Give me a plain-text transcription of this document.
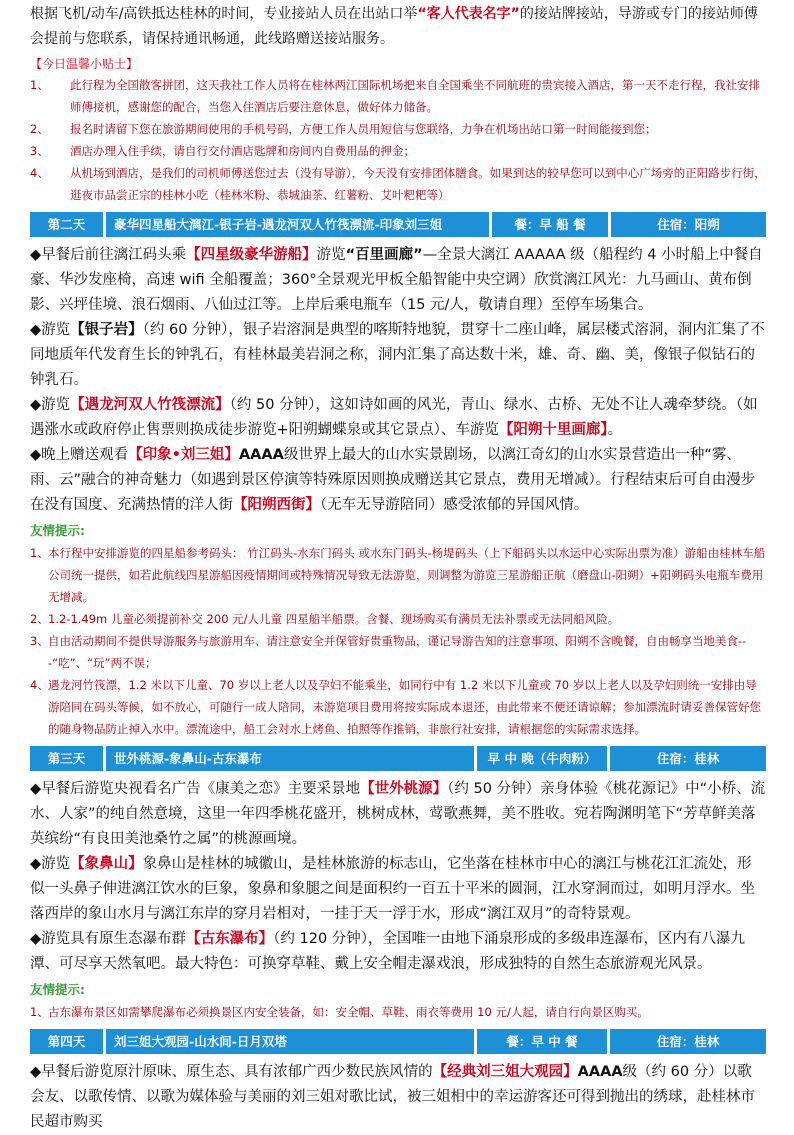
根据飞机/动车/高铁抵达桂林的时间，专业接站人员在出站口举“客人代表名字”的接站牌接站，导游或专门的接站师傅会提前与您联系，请保持通讯畅通，此线路赠送接站服务。
【今日温馨小贴士】
1、	此行程为全国散客拼团，这天我社工作人员将在桂林两江国际机场把来自全国乘坐不同航班的贵宾接入酒店，第一天不走行程，我社安排师傅接机，感谢您的配合，当您入住酒店后要注意休息，做好体力储备。
2、	报名时请留下您在旅游期间使用的手机号码，方便工作人员用短信与您联络，力争在机场出站口第一时间能接到您；
3、	酒店办理入住手续，请自行交付酒店匙牌和房间内自费用品的押金；
4、	从机场到酒店，是我们的司机师傅送您过去（没有导游），今天没有安排团体膳食。如果到达的较早您可以到中心广场旁的正阳路步行街，逛夜市品尝正宗的桂林小吃（桂林米粉、恭城油茶、红薯粉、艾叶粑粑等）
第二天	豪华四星船大漓江-银子岩-遇龙河双人竹筏漂流-印象刘三姐	餐：早 船 餐	住宿：阳朔
◆早餐后前往漓江码头乘【四星级豪华游船】游览“百里画廊”—全景大漓江 AAAAA 级（船程约 4 小时船上中餐自豪、华沙发座椅，高速 wifi 全船覆盖；360°全景观光甲板全船智能中央空调）欣赏漓江风光：九马画山、黄布倒影、兴坪佳境、浪石烟雨、八仙过江等。上岸后乘电瓶车（15 元/人，敬请自理）至停车场集合。
◆游览【银子岩】（约 60 分钟），银子岩溶洞是典型的喀斯特地貌，贯穿十二座山峰，属层楼式溶洞，洞内汇集了不同地质年代发育生长的钟乳石，有桂林最美岩洞之称，洞内汇集了高达数十米，雄、奇、幽、美，像银子似钻石的钟乳石。
◆游览【遇龙河双人竹筏漂流】（约 50 分钟），这如诗如画的风光，青山、绿水、古桥、无处不让人魂牵梦绕。（如遇涨水或政府停止售票则换成徒步游览+阳朔蝴蝶泉或其它景点）、车游览【阳朔十里画廊】。
◆晚上赠送观看【印象•刘三姐】AAAA级世界上最大的山水实景剧场，以漓江奇幻的山水实景营造出一种“雾、雨、云”融合的神奇魅力（如遇到景区停演等特殊原因则换成赠送其它景点，费用无增减）。行程结束后可自由漫步在没有国度、充满热情的洋人街【阳朔西街】（无车无导游陪同）感受浓郁的异国风情。
友情提示:
1、 本行程中安排游览的四星船参考码头： 竹江码头-水东门码头 或水东门码头-杨堤码头（上下船码头以水运中心实际出票为准）游船由桂林车船公司统一提供，如若此航线四星游船因疫情期间或特殊情况导致无法游览，则调整为游览三星游船正航（磨盘山-阳朔）+阳朔码头电瓶车费用无增减。
2、 1.2-1.49m 儿童必须提前补交 200 元/人儿童 四星船半船票。含餐、现场购买有满员无法补票或无法同船风险。
3、 自由活动期间不提供导游服务与旅游用车、请注意安全并保管好贵重物品，谨记导游告知的注意事项、阳朔不含晚餐，自由畅享当地美食---“吃”、“玩”两不误；
4、 遇龙河竹筏漂，1.2 米以下儿童、70 岁以上老人以及孕妇不能乘坐，如同行中有 1.2 米以下儿童或 70 岁以上老人以及孕妇则统一安排由导游陪同在码头等候，如不放心，可随行一成人陪同，未游览项目费用将按实际成本退还，由此带来不便还请谅解；参加漂流时请妥善保管好您的随身物品防止掉入水中。漂流途中，船工会对水上烤鱼、拍照等作推销，非旅行社安排，请根据您的实际需求选择。
第三天	世外桃源-象鼻山-古东瀑布	早 中 晚（牛肉粉）	住宿：桂林
◆早餐后游览央视看名广告《康美之恋》主要采景地【世外桃源】（约 50 分钟）亲身体验《桃花源记》中“小桥、流水、人家”的纯自然意境，这里一年四季桃花盛开，桃树成林，莺歌燕舞，美不胜收。宛若陶渊明笔下“芳草鲜美落英缤纷“有良田美池桑竹之属”的桃源画境。
◆游览【象鼻山】象鼻山是桂林的城徽山，是桂林旅游的标志山，它坐落在桂林市中心的漓江与桃花江汇流处，形似一头鼻子伸进漓江饮水的巨象，象鼻和象腿之间是面积约一百五十平米的圆洞，江水穿洞而过，如明月浮水。坐落西岸的象山水月与漓江东岸的穿月岩相对，一挂于天一浮于水，形成“漓江双月”的奇特景观。
◆游览具有原生态瀑布群【古东瀑布】（约 120 分钟），全国唯一由地下涌泉形成的多级串连瀑布，区内有八瀑九潭、可尽享天然氧吧。最大特色：可换穿草鞋、戴上安全帽走瀑戏浪，形成独特的自然生态旅游观光风景。
友情提示:
1、 古东瀑布景区如需攀爬瀑布必须换景区内安全装备，如：安全帽、草鞋、雨衣等费用 10 元/人起，请自行向景区购买。
第四天	刘三姐大观园-山水间-日月双塔	餐：早 中 餐	住宿：桂林
◆早餐后游览原汁原味、原生态、具有浓郁广西少数民族风情的【经典刘三姐大观园】AAAA级（约 60 分）以歌会友、以歌传情、以歌为媒体验与美丽的刘三姐对歌比试，被三姐相中的幸运游客还可得到抛出的绣球，赴桂林市民超市购买
